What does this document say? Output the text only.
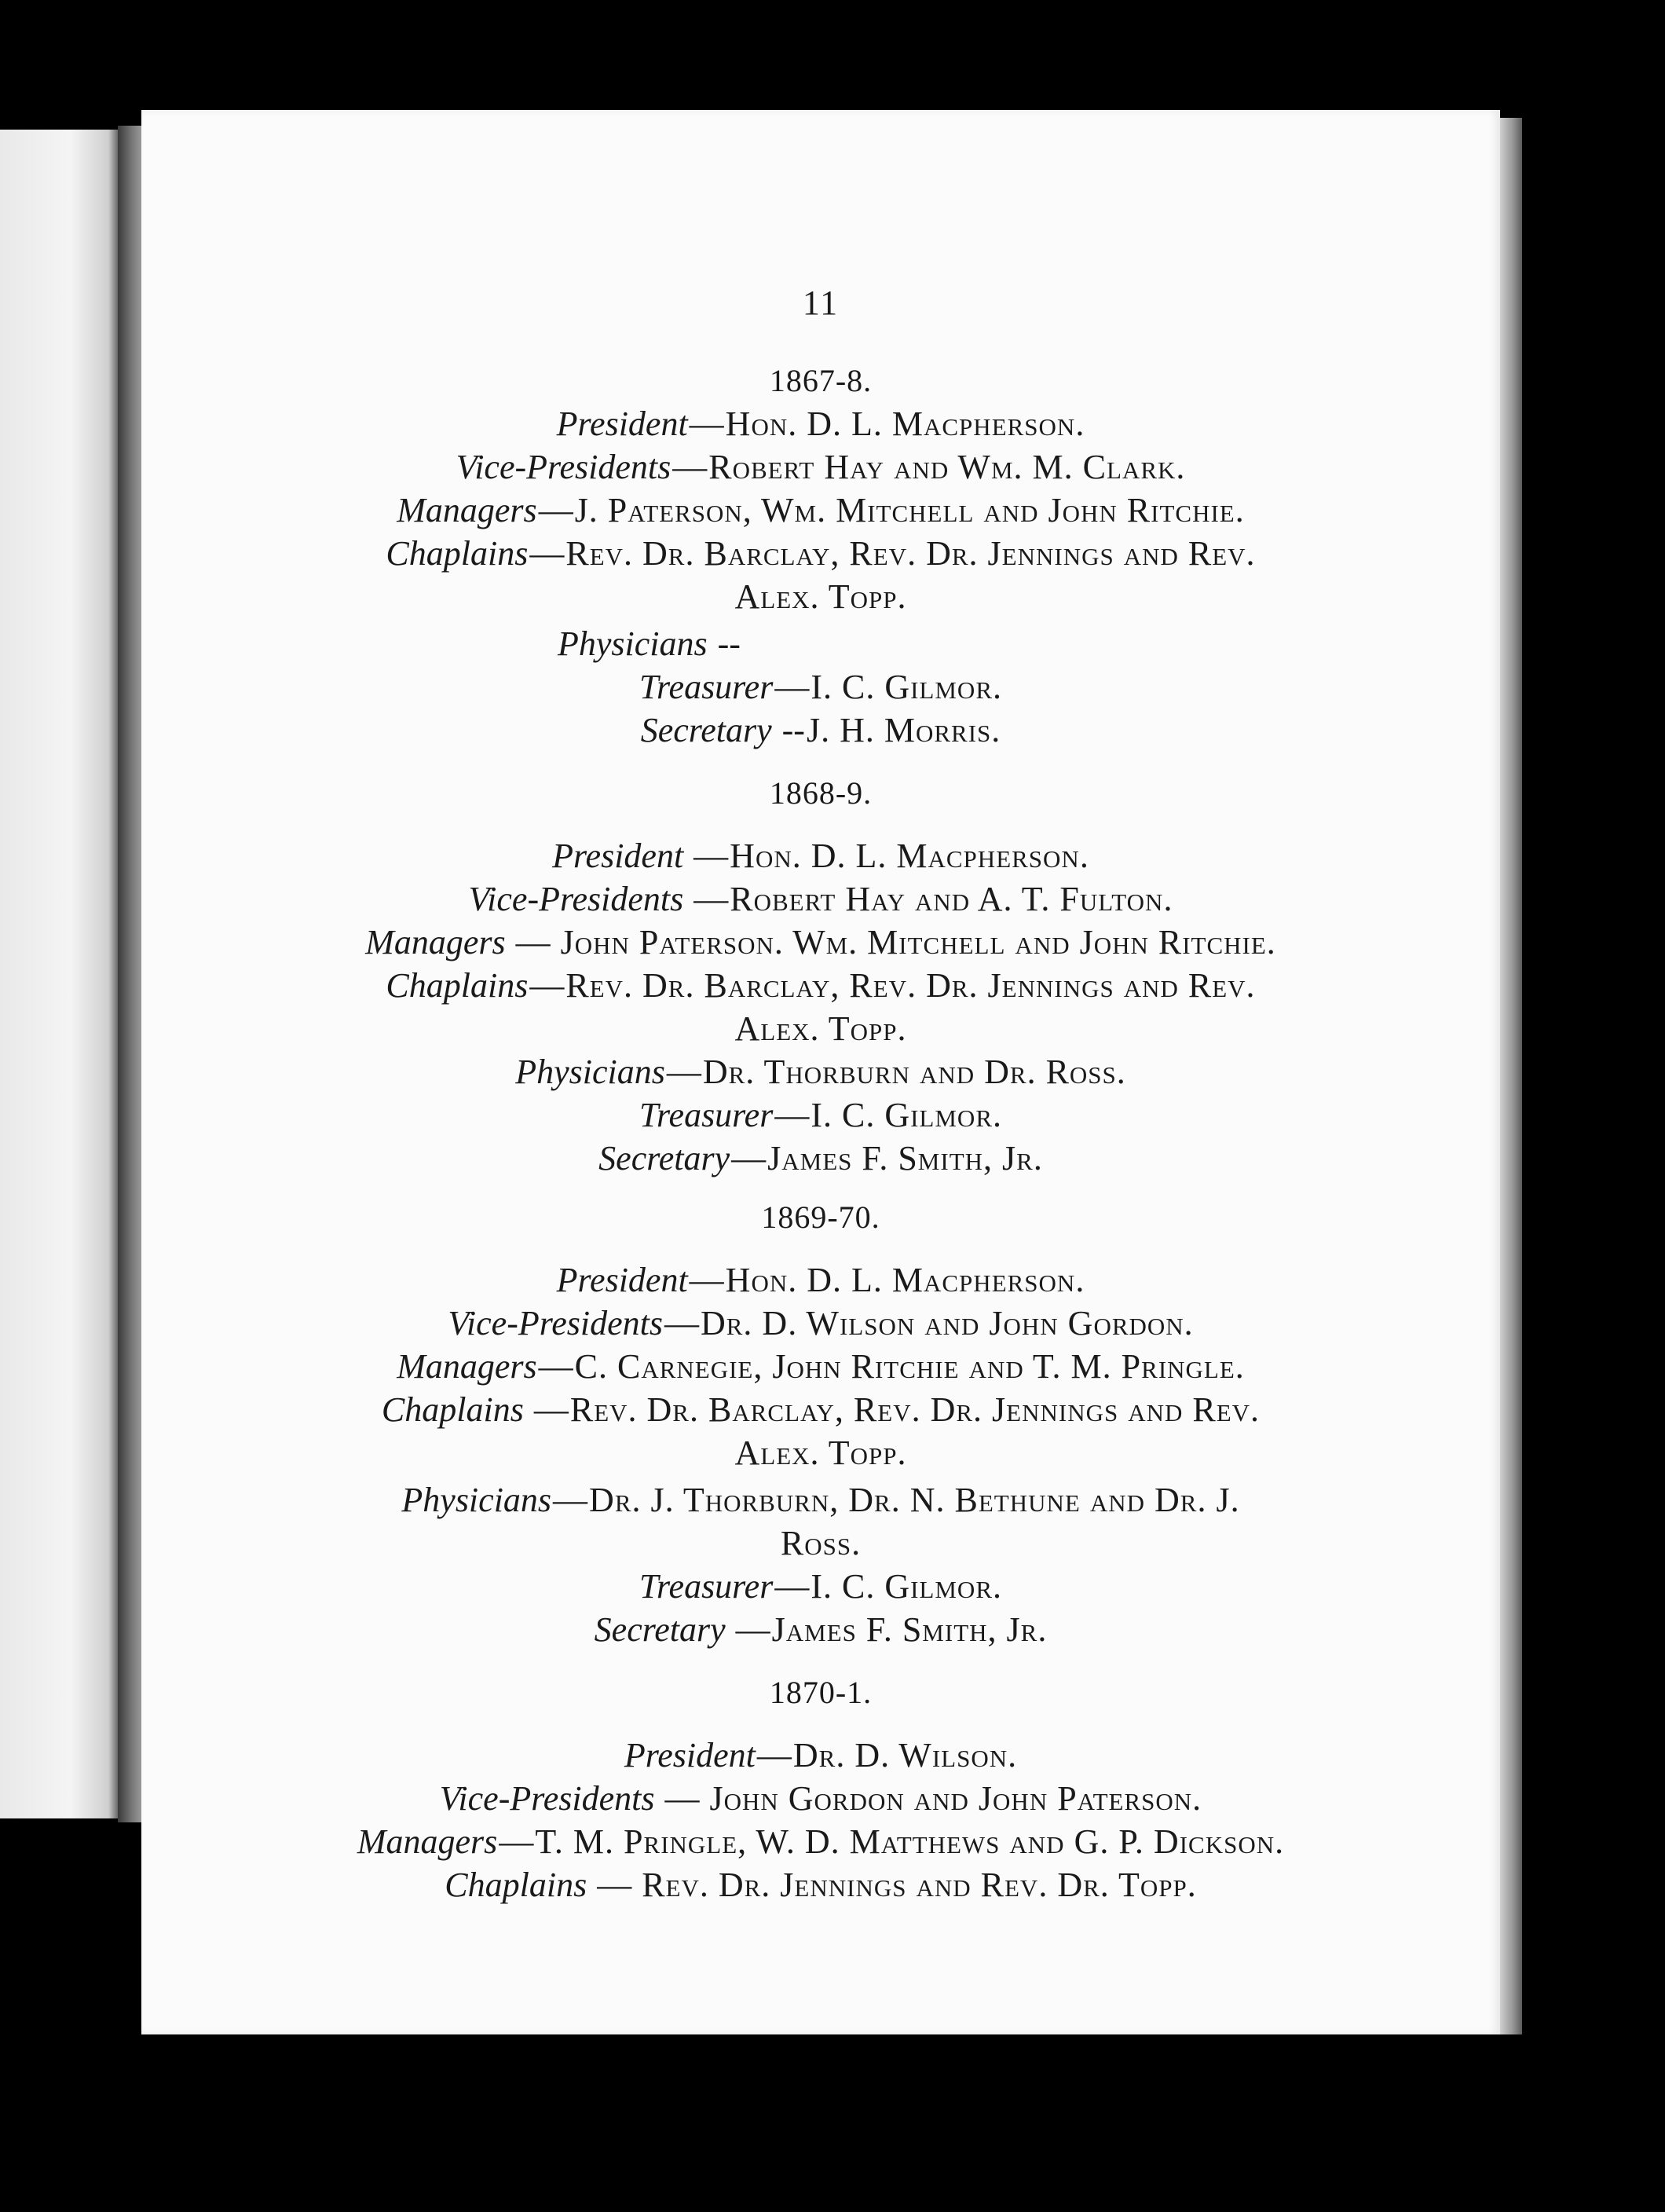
11
1867-8.
President—Hon. D. L. Macpherson.
Vice-Presidents—Robert Hay and Wm. M. Clark.
Managers—J. Paterson, Wm. Mitchell and John Ritchie.
Chaplains—Rev. Dr. Barclay, Rev. Dr. Jennings and Rev.
Alex. Topp.
Physicians --
Treasurer—I. C. Gilmor.
Secretary --J. H. Morris.
1868-9.
President —Hon. D. L. Macpherson.
Vice-Presidents —Robert Hay and A. T. Fulton.
Managers — John Paterson. Wm. Mitchell and John Ritchie.
Chaplains—Rev. Dr. Barclay, Rev. Dr. Jennings and Rev.
Alex. Topp.
Physicians—Dr. Thorburn and Dr. Ross.
Treasurer—I. C. Gilmor.
Secretary—James F. Smith, Jr.
1869-70.
President—Hon. D. L. Macpherson.
Vice-Presidents—Dr. D. Wilson and John Gordon.
Managers—C. Carnegie, John Ritchie and T. M. Pringle.
Chaplains —Rev. Dr. Barclay, Rev. Dr. Jennings and Rev.
Alex. Topp.
Physicians—Dr. J. Thorburn, Dr. N. Bethune and Dr. J.
Ross.
Treasurer—I. C. Gilmor.
Secretary —James F. Smith, Jr.
1870-1.
President—Dr. D. Wilson.
Vice-Presidents — John Gordon and John Paterson.
Managers—T. M. Pringle, W. D. Matthews and G. P. Dickson.
Chaplains — Rev. Dr. Jennings and Rev. Dr. Topp.
